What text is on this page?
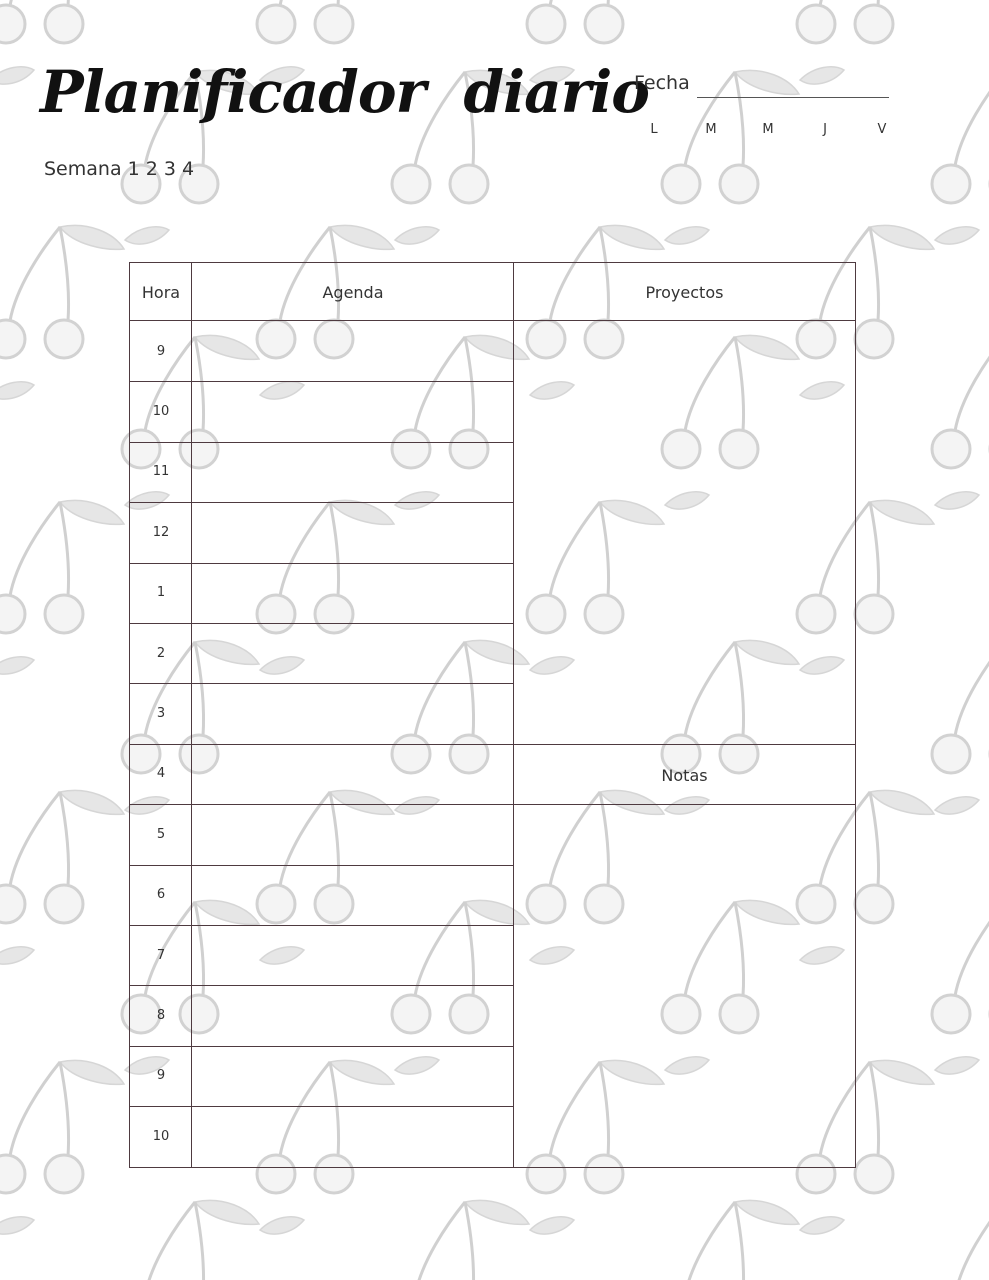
Planificador  diario
Semana 1 2 3 4
Fecha
L	M	M	J	V
Hora	Agenda	Proyectos
9
10
11
12
1
2
3
4
5
6
7
8
9
10
Notas
